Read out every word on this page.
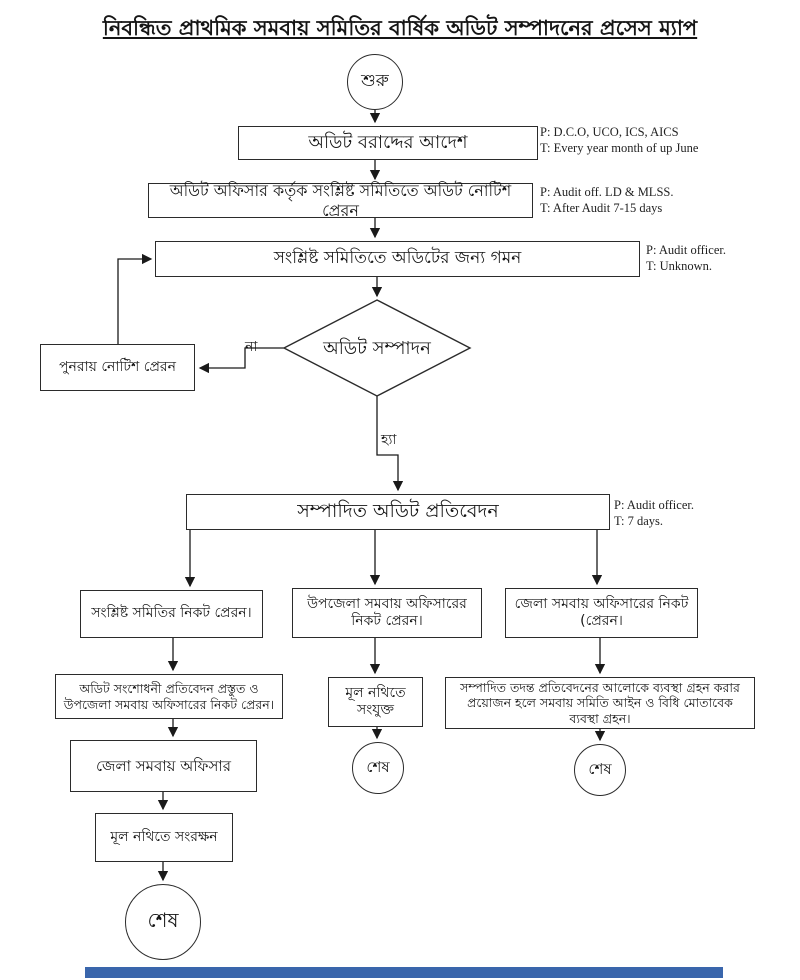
নিবন্ধিত প্রাথমিক সমবায় সমিতির বার্ষিক অডিট সম্পাদনের প্রসেস ম্যাপ
শুরু
অডিট বরাদ্দের আদেশ
অডিট অফিসার কর্তৃক সংশ্লিষ্ট সমিতিতে অডিট নোটিশ প্রেরন
সংশ্লিষ্ট সমিতিতে অডিটের জন্য গমন
অডিট সম্পাদন
পুনরায় নোটিশ প্রেরন
না
হ্যা
সম্পাদিত অডিট প্রতিবেদন
সংশ্লিষ্ট সমিতির নিকট প্রেরন।
উপজেলা সমবায় অফিসারের নিকট প্রেরন।
জেলা সমবায় অফিসারের নিকট (প্রেরন।
অডিট সংশোধনী প্রতিবেদন প্রস্তুত ও উপজেলা সমবায় অফিসারের নিকট প্রেরন।
জেলা সমবায় অফিসার
মূল নথিতে সংরক্ষন
শেষ
মূল নথিতে সংযুক্ত
শেষ
সম্পাদিত তদন্ত প্রতিবেদনের আলোকে ব্যবস্থা গ্রহন করার প্রয়োজন হলে সমবায় সমিতি আইন ও বিধি মোতাবেক ব্যবস্থা গ্রহন।
শেষ
P: D.C.O, UCO, ICS, AICS
T: Every year month of up June
P: Audit off. LD & MLSS.
T: After Audit 7-15 days
P: Audit officer.
T: Unknown.
P: Audit officer.
T: 7 days.
